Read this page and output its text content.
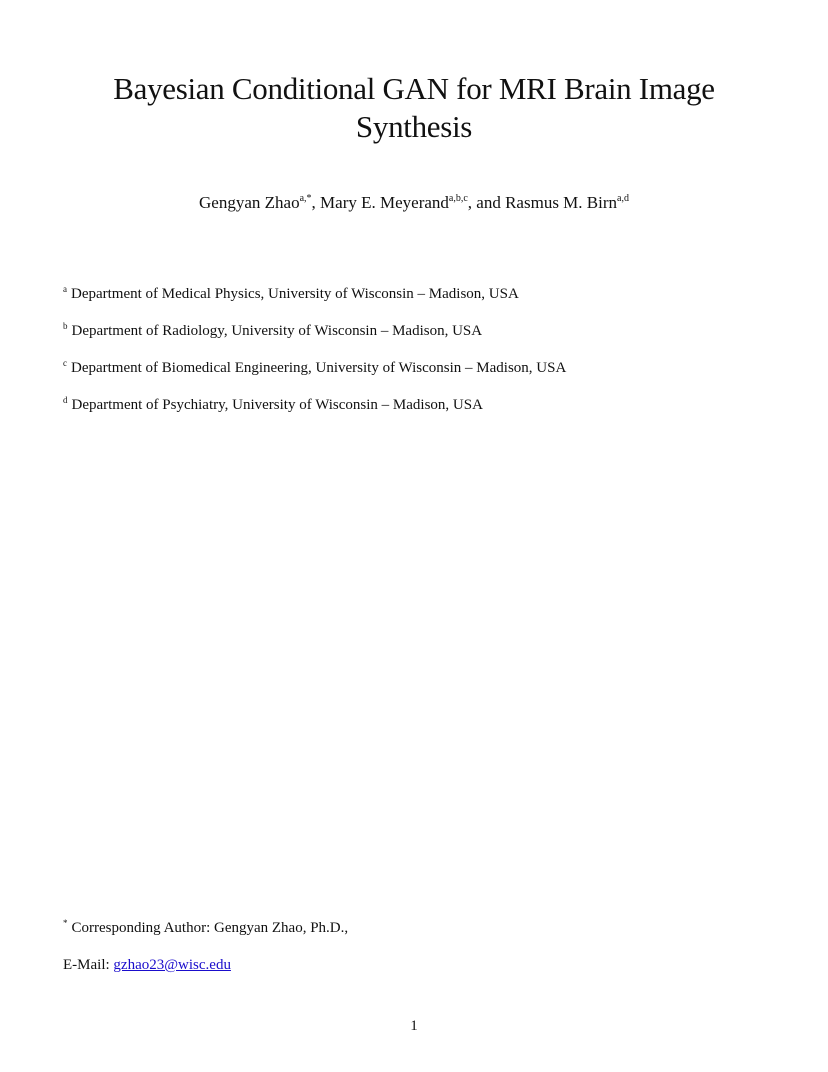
Bayesian Conditional GAN for MRI Brain Image
Synthesis
Gengyan Zhao$^{a,*}$, Mary E. Meyerand$^{a,b,c}$, and Rasmus M. Birn$^{a,d}$
$^a$ Department of Medical Physics, University of Wisconsin – Madison, USA
$^b$ Department of Radiology, University of Wisconsin – Madison, USA
$^c$ Department of Biomedical Engineering, University of Wisconsin – Madison, USA
$^d$ Department of Psychiatry, University of Wisconsin – Madison, USA
* Corresponding Author: Gengyan Zhao, Ph.D.,
E-Mail: gzhao23@wisc.edu
1
